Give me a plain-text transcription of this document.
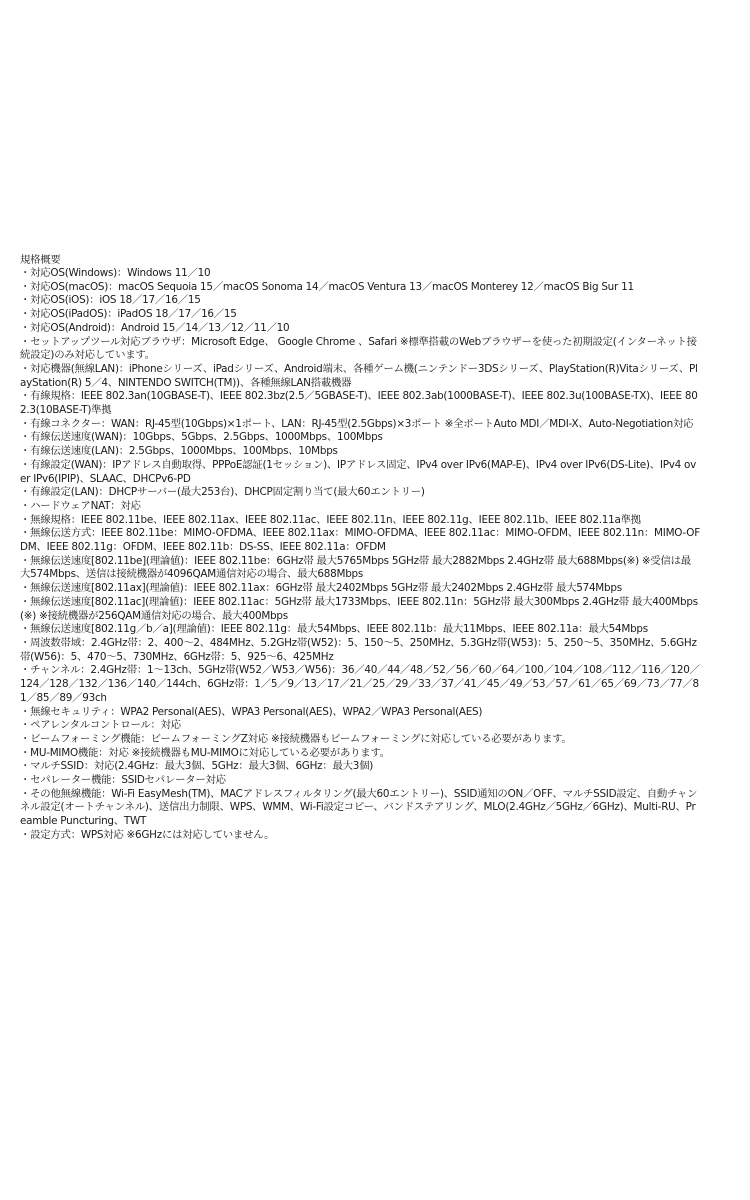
規格概要
・対応OS(Windows)：Windows 11／10
・対応OS(macOS)：macOS Sequoia 15／macOS Sonoma 14／macOS Ventura 13／macOS Monterey 12／macOS Big Sur 11
・対応OS(iOS)：iOS 18／17／16／15
・対応OS(iPadOS)：iPadOS 18／17／16／15
・対応OS(Android)：Android 15／14／13／12／11／10
・セットアップツール対応ブラウザ：Microsoft Edge、 Google Chrome 、Safari ※標準搭載のWebブラウザーを使った初期設定(インターネット接続設定)のみ対応しています。
・対応機器(無線LAN)：iPhoneシリーズ、iPadシリーズ、Android端末、各種ゲーム機(ニンテンドー3DSシリーズ、PlayStation(R)Vitaシリーズ、PlayStation(R) 5／4、NINTENDO SWITCH(TM))、各種無線LAN搭載機器
・有線規格：IEEE 802.3an(10GBASE-T)、IEEE 802.3bz(2.5／5GBASE-T)、IEEE 802.3ab(1000BASE-T)、IEEE 802.3u(100BASE-TX)、IEEE 802.3(10BASE-T)準拠
・有線コネクター：WAN：RJ-45型(10Gbps)×1ポート、LAN：RJ-45型(2.5Gbps)×3ポート ※全ポートAuto MDI／MDI-X、Auto-Negotiation対応
・有線伝送速度(WAN)：10Gbps、5Gbps、2.5Gbps、1000Mbps、100Mbps
・有線伝送速度(LAN)：2.5Gbps、1000Mbps、100Mbps、10Mbps
・有線設定(WAN)：IPアドレス自動取得、PPPoE認証(1セッション)、IPアドレス固定、IPv4 over IPv6(MAP-E)、IPv4 over IPv6(DS-Lite)、IPv4 over IPv6(IPIP)、SLAAC、DHCPv6-PD
・有線設定(LAN)：DHCPサーバー(最大253台)、DHCP固定割り当て(最大60エントリー)
・ハードウェアNAT：対応
・無線規格：IEEE 802.11be、IEEE 802.11ax、IEEE 802.11ac、IEEE 802.11n、IEEE 802.11g、IEEE 802.11b、IEEE 802.11a準拠
・無線伝送方式：IEEE 802.11be：MIMO-OFDMA、IEEE 802.11ax：MIMO-OFDMA、IEEE 802.11ac：MIMO-OFDM、IEEE 802.11n：MIMO-OFDM、IEEE 802.11g：OFDM、IEEE 802.11b：DS-SS、IEEE 802.11a：OFDM
・無線伝送速度[802.11be](理論値)：IEEE 802.11be：6GHz帯 最大5765Mbps 5GHz帯 最大2882Mbps 2.4GHz帯 最大688Mbps(※) ※受信は最大574Mbps、送信は接続機器が4096QAM通信対応の場合、最大688Mbps
・無線伝送速度[802.11ax](理論値)：IEEE 802.11ax：6GHz帯 最大2402Mbps 5GHz帯 最大2402Mbps 2.4GHz帯 最大574Mbps
・無線伝送速度[802.11ac](理論値)：IEEE 802.11ac：5GHz帯 最大1733Mbps、IEEE 802.11n：5GHz帯 最大300Mbps 2.4GHz帯 最大400Mbps(※) ※接続機器が256QAM通信対応の場合、最大400Mbps
・無線伝送速度[802.11g／b／a](理論値)：IEEE 802.11g：最大54Mbps、IEEE 802.11b：最大11Mbps、IEEE 802.11a：最大54Mbps
・周波数帯域：2.4GHz帯：2、400～2、484MHz、5.2GHz帯(W52)：5、150～5、250MHz、5.3GHz帯(W53)：5、250～5、350MHz、5.6GHz帯(W56)：5、470～5、730MHz、6GHz帯：5、925～6、425MHz
・チャンネル：2.4GHz帯：1～13ch、5GHz帯(W52／W53／W56)：36／40／44／48／52／56／60／64／100／104／108／112／116／120／124／128／132／136／140／144ch、6GHz帯：1／5／9／13／17／21／25／29／33／37／41／45／49／53／57／61／65／69／73／77／81／85／89／93ch
・無線セキュリティ：WPA2 Personal(AES)、WPA3 Personal(AES)、WPA2／WPA3 Personal(AES)
・ペアレンタルコントロール：対応
・ビームフォーミング機能：ビームフォーミングZ対応 ※接続機器もビームフォーミングに対応している必要があります。
・MU-MIMO機能：対応 ※接続機器もMU-MIMOに対応している必要があります。
・マルチSSID：対応(2.4GHz：最大3個、5GHz：最大3個、6GHz：最大3個)
・セパレーター機能：SSIDセパレーター対応
・その他無線機能：Wi-Fi EasyMesh(TM)、MACアドレスフィルタリング(最大60エントリー)、SSID通知のON／OFF、マルチSSID設定、自動チャンネル設定(オートチャンネル)、送信出力制限、WPS、WMM、Wi-Fi設定コピー、バンドステアリング、MLO(2.4GHz／5GHz／6GHz)、Multi-RU、Preamble Puncturing、TWT
・設定方式：WPS対応 ※6GHzには対応していません。
